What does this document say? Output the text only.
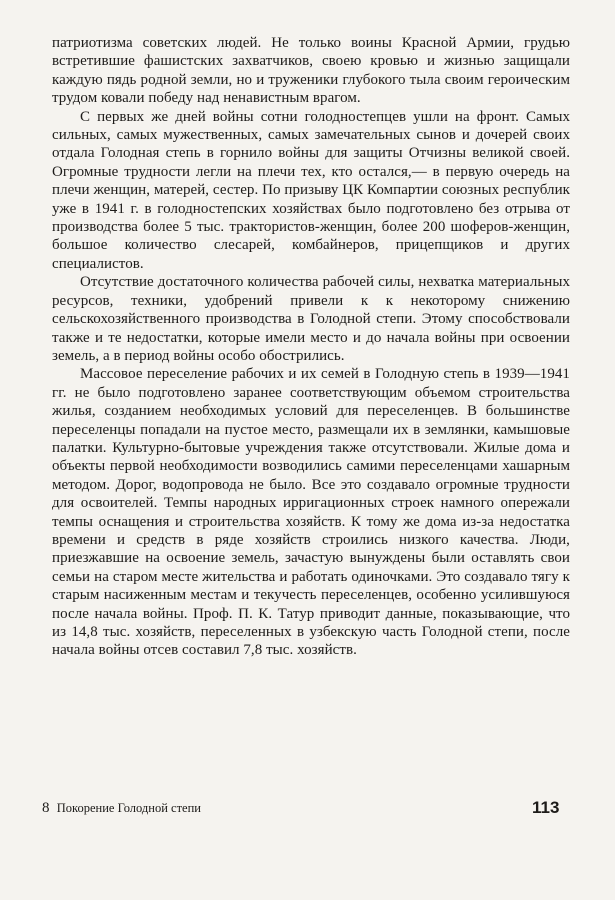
патриотизма советских людей. Не только воины Красной Армии, грудью встретившие фашистских захватчиков, своею кровью и жизнью защищали каждую пядь родной земли, но и труженики глубокого тыла своим героическим трудом ковали победу над ненавистным врагом.

С первых же дней войны сотни голодностепцев ушли на фронт. Самых сильных, самых мужественных, самых замечательных сынов и дочерей своих отдала Голодная степь в горнило войны для защиты Отчизны великой своей. Огромные трудности легли на плечи тех, кто остался,— в первую очередь на плечи женщин, матерей, сестер. По призыву ЦК Компартии союзных республик уже в 1941 г. в голодностепских хозяйствах было подготовлено без отрыва от производства более 5 тыс. трактористов-женщин, более 200 шоферов-женщин, большое количество слесарей, комбайнеров, прицепщиков и других специалистов.

Отсутствие достаточного количества рабочей силы, нехватка материальных ресурсов, техники, удобрений привели к к некоторому снижению сельскохозяйственного производства в Голодной степи. Этому способствовали также и те недостатки, которые имели место и до начала войны при освоении земель, а в период войны особо обострились.

Массовое переселение рабочих и их семей в Голодную степь в 1939—1941 гг. не было подготовлено заранее соответствующим объемом строительства жилья, созданием необходимых условий для переселенцев. В большинстве переселенцы попадали на пустое место, размещали их в землянки, камышовые палатки. Культурно-бытовые учреждения также отсутствовали. Жилые дома и объекты первой необходимости возводились самими переселенцами хашарным методом. Дорог, водопровода не было. Все это создавало огромные трудности для освоителей. Темпы народных ирригационных строек намного опережали темпы оснащения и строительства хозяйств. К тому же дома из-за недостатка времени и средств в ряде хозяйств строились низкого качества. Люди, приезжавшие на освоение земель, зачастую вынуждены были оставлять свои семьи на старом месте жительства и работать одиночками. Это создавало тягу к старым насиженным местам и текучесть переселенцев, особенно усилившуюся после начала войны. Проф. П. К. Татур приводит данные, показывающие, что из 14,8 тыс. хозяйств, переселенных в узбекскую часть Голодной степи, после начала войны отсев составил 7,8 тыс. хозяйств.

8 Покорение Голодной степи	113
